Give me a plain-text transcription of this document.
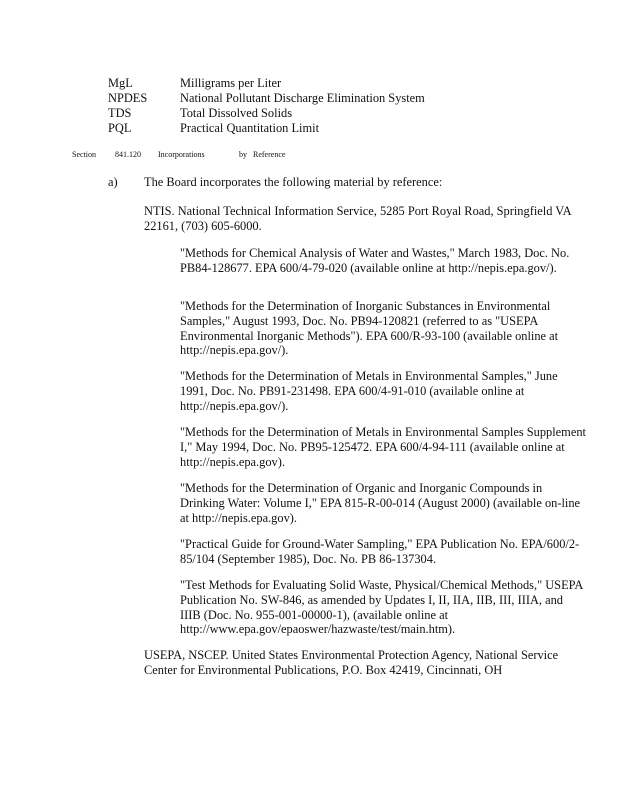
MgL	Milligrams per Liter
NPDES	National Pollutant Discharge Elimination System
TDS	Total Dissolved Solids
PQL	Practical Quantitation Limit
Section 841.120 Incorporations	by Reference
a) The Board incorporates the following material by reference:

NTIS. National Technical Information Service, 5285 Port Royal Road, Springfield VA 22161, (703) 605-6000.

"Methods for Chemical Analysis of Water and Wastes," March 1983, Doc. No. PB84-128677. EPA 600/4-79-020 (available online at http://nepis.epa.gov/).

"Methods for the Determination of Inorganic Substances in Environmental Samples," August 1993, Doc. No. PB94-120821 (referred to as "USEPA Environmental Inorganic Methods"). EPA 600/R-93-100 (available online at http://nepis.epa.gov/).

"Methods for the Determination of Metals in Environmental Samples," June 1991, Doc. No. PB91-231498. EPA 600/4-91-010 (available online at http://nepis.epa.gov/).

"Methods for the Determination of Metals in Environmental Samples Supplement I," May 1994, Doc. No. PB95-125472. EPA 600/4-94-111 (available online at http://nepis.epa.gov).

"Methods for the Determination of Organic and Inorganic Compounds in Drinking Water: Volume I," EPA 815-R-00-014 (August 2000) (available on-line at http://nepis.epa.gov).

"Practical Guide for Ground-Water Sampling," EPA Publication No. EPA/600/2-85/104 (September 1985), Doc. No. PB 86-137304.

"Test Methods for Evaluating Solid Waste, Physical/Chemical Methods," USEPA Publication No. SW-846, as amended by Updates I, II, IIA, IIB, III, IIIA, and IIIB (Doc. No. 955-001-00000-1), (available online at http://www.epa.gov/epaoswer/hazwaste/test/main.htm).

USEPA, NSCEP. United States Environmental Protection Agency, National Service Center for Environmental Publications, P.O. Box 42419, Cincinnati, OH
